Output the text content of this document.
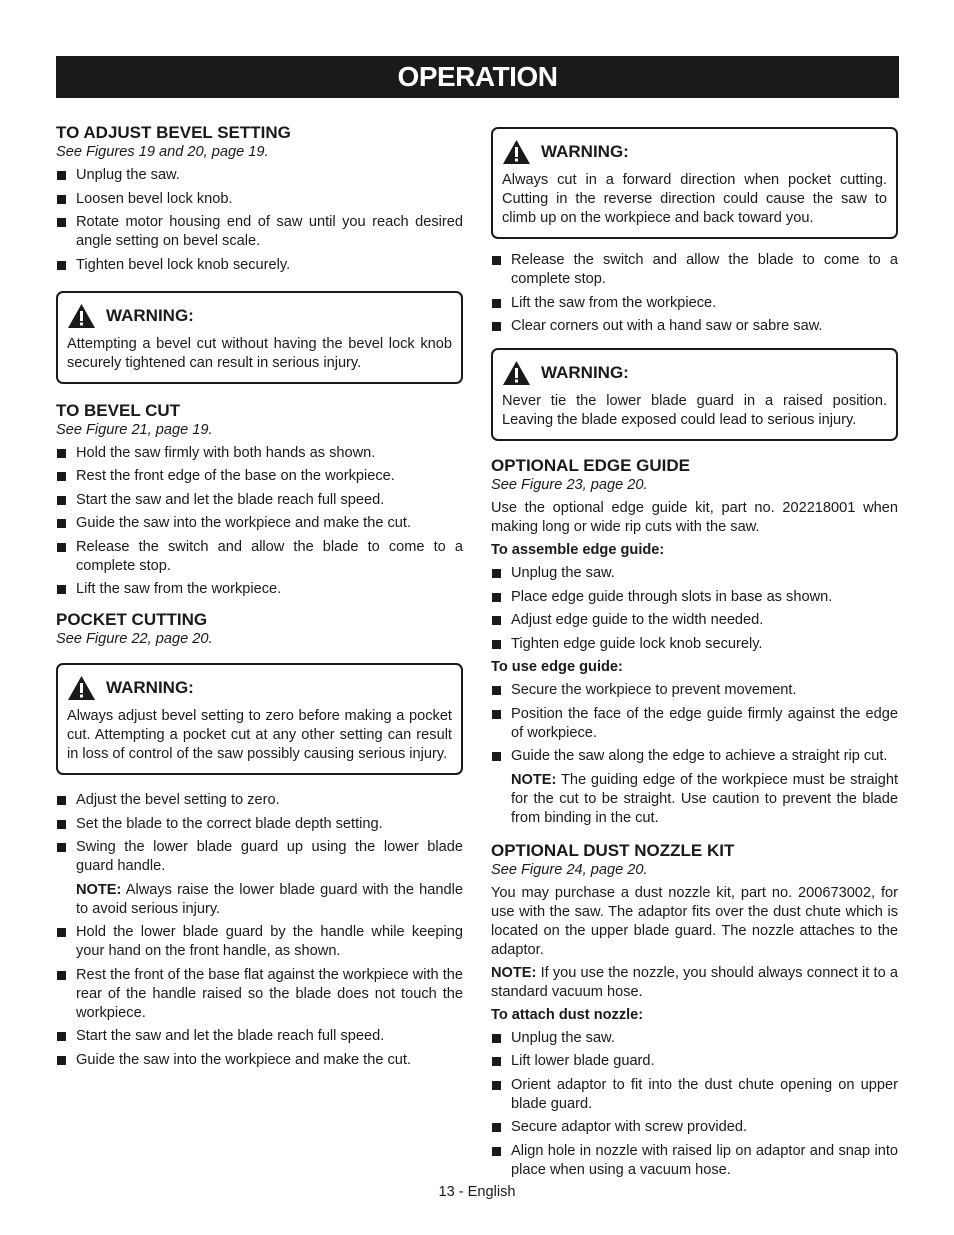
OPERATION
TO ADJUST BEVEL SETTING
See Figures 19 and 20, page 19.
Unplug the saw.
Loosen bevel lock knob.
Rotate motor housing end of saw until you reach desired angle setting on bevel scale.
Tighten bevel lock knob securely.
WARNING:
Attempting a bevel cut without having the bevel lock knob securely tightened can result in serious injury.
TO BEVEL CUT
See Figure 21, page 19.
Hold the saw firmly with both hands as shown.
Rest the front edge of the base on the workpiece.
Start the saw and let the blade reach full speed.
Guide the saw into the workpiece and make the cut.
Release the switch and allow the blade to come to a complete stop.
Lift the saw from the workpiece.
POCKET CUTTING
See Figure 22, page 20.
WARNING:
Always adjust bevel setting to zero before making a pocket cut. Attempting a pocket cut at any other setting can result in loss of control of the saw possibly causing serious injury.
Adjust the bevel setting to zero.
Set the blade to the correct blade depth setting.
Swing the lower blade guard up using the lower blade guard handle.
NOTE: Always raise the lower blade guard with the handle to avoid serious injury.
Hold the lower blade guard by the handle while keeping your hand on the front handle, as shown.
Rest the front of the base flat against the workpiece with the rear of the handle raised so the blade does not touch the workpiece.
Start the saw and let the blade reach full speed.
Guide the saw into the workpiece and make the cut.
WARNING:
Always cut in a forward direction when pocket cutting. Cutting in the reverse direction could cause the saw to climb up on the workpiece and back toward you.
Release the switch and allow the blade to come to a complete stop.
Lift the saw from the workpiece.
Clear corners out with a hand saw or sabre saw.
WARNING:
Never tie the lower blade guard in a raised position. Leaving the blade exposed could lead to serious injury.
OPTIONAL EDGE GUIDE
See Figure 23, page 20.
Use the optional edge guide kit, part no. 202218001 when making long or wide rip cuts with the saw.
To assemble edge guide:
Unplug the saw.
Place edge guide through slots in base as shown.
Adjust edge guide to the width needed.
Tighten edge guide lock knob securely.
To use edge guide:
Secure the workpiece to prevent movement.
Position the face of the edge guide firmly against the edge of workpiece.
Guide the saw along the edge to achieve a straight rip cut.
NOTE: The guiding edge of the workpiece must be straight for the cut to be straight. Use caution to prevent the blade from binding in the cut.
OPTIONAL DUST NOZZLE KIT
See Figure 24, page 20.
You may purchase a dust nozzle kit, part no. 200673002, for use with the saw. The adaptor fits over the dust chute which is located on the upper blade guard. The nozzle attaches to the adaptor.
NOTE: If you use the nozzle, you should always connect it to a standard vacuum hose.
To attach dust nozzle:
Unplug the saw.
Lift lower blade guard.
Orient adaptor to fit into the dust chute opening on upper blade guard.
Secure adaptor with screw provided.
Align hole in nozzle with raised lip on adaptor and snap into place when using a vacuum hose.
13 - English
